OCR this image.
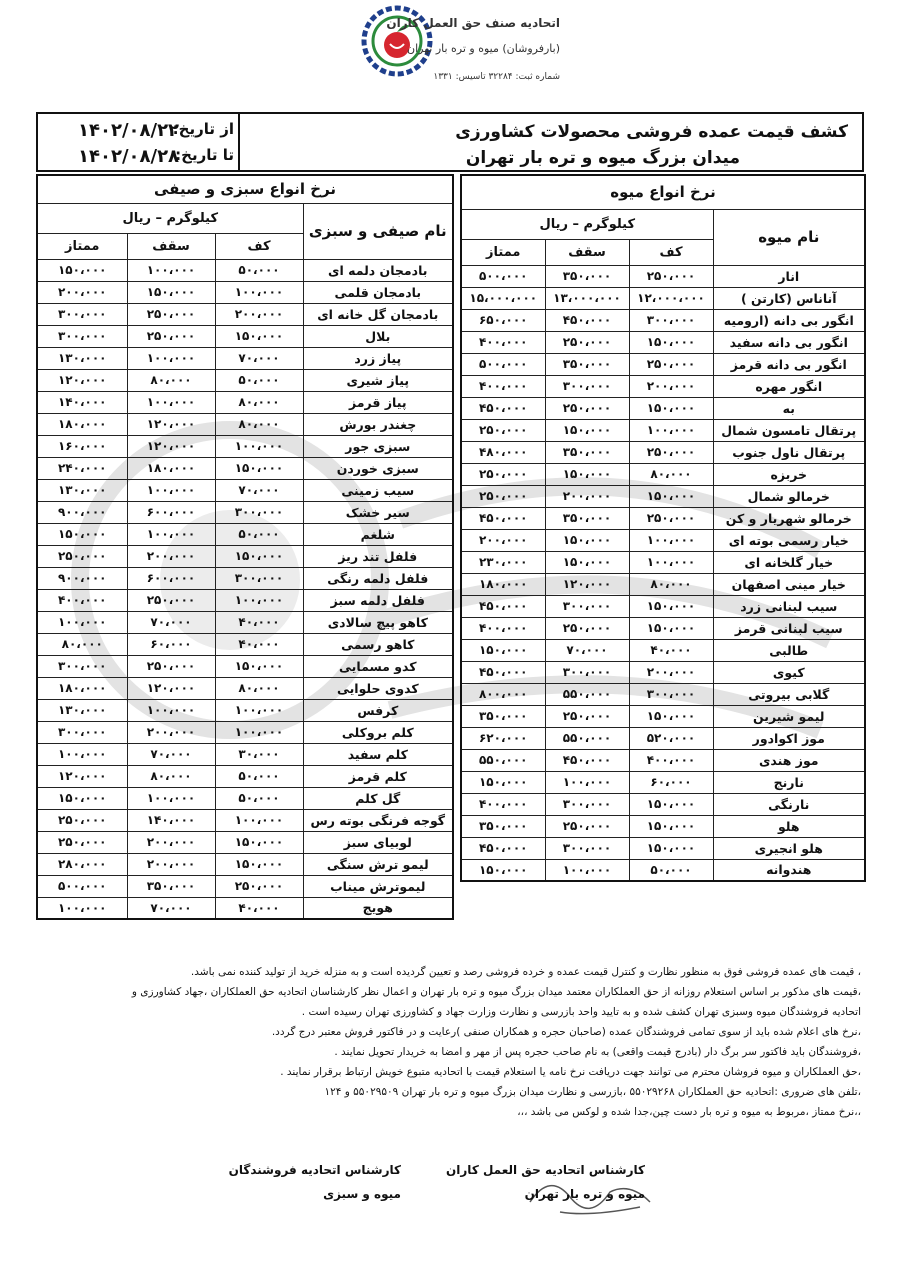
اتحادیه صنف حق العمل کاران
(بارفروشان) میوه و تره بار تهران
شماره ثبت: ۳۲۲۸۴ تاسیس: ۱۳۳۱
کشف قیمت عمده فروشی محصولات کشاورزی
میدان بزرگ میوه و تره بار تهران
از تاریخ:
۱۴۰۲/۰۸/۲۲
تا تاریخ:
۱۴۰۲/۰۸/۲۸
نرخ انواع میوه			
کیلوگرم – ریال			نام میوه
ممتاز	سقف	کف	
۵۰۰،۰۰۰	۳۵۰،۰۰۰	۲۵۰،۰۰۰	انار
۱۵،۰۰۰،۰۰۰	۱۳،۰۰۰،۰۰۰	۱۲،۰۰۰،۰۰۰	آناناس (کارتن )
۶۵۰،۰۰۰	۴۵۰،۰۰۰	۳۰۰،۰۰۰	انگور بی دانه (ارومیه
۴۰۰،۰۰۰	۲۵۰،۰۰۰	۱۵۰،۰۰۰	انگور بی دانه سفید
۵۰۰،۰۰۰	۳۵۰،۰۰۰	۲۵۰،۰۰۰	انگور بی دانه قرمز
۴۰۰،۰۰۰	۳۰۰،۰۰۰	۲۰۰،۰۰۰	انگور مهره
۴۵۰،۰۰۰	۲۵۰،۰۰۰	۱۵۰،۰۰۰	به
۲۵۰،۰۰۰	۱۵۰،۰۰۰	۱۰۰،۰۰۰	پرتقال تامسون شمال
۴۸۰،۰۰۰	۳۵۰،۰۰۰	۲۵۰،۰۰۰	پرتقال ناول جنوب
۲۵۰،۰۰۰	۱۵۰،۰۰۰	۸۰،۰۰۰	خربزه
۲۵۰،۰۰۰	۲۰۰،۰۰۰	۱۵۰،۰۰۰	خرمالو شمال
۴۵۰،۰۰۰	۳۵۰،۰۰۰	۲۵۰،۰۰۰	خرمالو شهریار و کن
۲۰۰،۰۰۰	۱۵۰،۰۰۰	۱۰۰،۰۰۰	خیار رسمی بوته ای
۲۳۰،۰۰۰	۱۵۰،۰۰۰	۱۰۰،۰۰۰	خیار گلخانه ای
۱۸۰،۰۰۰	۱۲۰،۰۰۰	۸۰،۰۰۰	خیار مینی اصفهان
۴۵۰،۰۰۰	۳۰۰،۰۰۰	۱۵۰،۰۰۰	سیب لبنانی زرد
۴۰۰،۰۰۰	۲۵۰،۰۰۰	۱۵۰،۰۰۰	سیب لبنانی قرمز
۱۵۰،۰۰۰	۷۰،۰۰۰	۴۰،۰۰۰	طالبی
۴۵۰،۰۰۰	۳۰۰،۰۰۰	۲۰۰،۰۰۰	کیوی
۸۰۰،۰۰۰	۵۵۰،۰۰۰	۳۰۰،۰۰۰	گلابی بیروتی
۳۵۰،۰۰۰	۲۵۰،۰۰۰	۱۵۰،۰۰۰	لیمو شیرین
۶۲۰،۰۰۰	۵۵۰،۰۰۰	۵۲۰،۰۰۰	موز اکوادور
۵۵۰،۰۰۰	۴۵۰،۰۰۰	۴۰۰،۰۰۰	موز هندی
۱۵۰،۰۰۰	۱۰۰،۰۰۰	۶۰،۰۰۰	نارنج
۴۰۰،۰۰۰	۳۰۰،۰۰۰	۱۵۰،۰۰۰	نارنگی
۳۵۰،۰۰۰	۲۵۰،۰۰۰	۱۵۰،۰۰۰	هلو
۴۵۰،۰۰۰	۳۰۰،۰۰۰	۱۵۰،۰۰۰	هلو انجیری
۱۵۰،۰۰۰	۱۰۰،۰۰۰	۵۰،۰۰۰	هندوانه
نرخ انواع سبزی و صیفی			
کیلوگرم – ریال			نام صیفی و سبزی
ممتاز	سقف	کف	
۱۵۰،۰۰۰	۱۰۰،۰۰۰	۵۰،۰۰۰	بادمجان دلمه ای
۲۰۰،۰۰۰	۱۵۰،۰۰۰	۱۰۰،۰۰۰	بادمجان قلمی
۳۰۰،۰۰۰	۲۵۰،۰۰۰	۲۰۰،۰۰۰	بادمجان گل خانه ای
۳۰۰،۰۰۰	۲۵۰،۰۰۰	۱۵۰،۰۰۰	بلال
۱۳۰،۰۰۰	۱۰۰،۰۰۰	۷۰،۰۰۰	پیاز زرد
۱۲۰،۰۰۰	۸۰،۰۰۰	۵۰،۰۰۰	پیاز شیری
۱۴۰،۰۰۰	۱۰۰،۰۰۰	۸۰،۰۰۰	پیاز قرمز
۱۸۰،۰۰۰	۱۲۰،۰۰۰	۸۰،۰۰۰	چغندر بورش
۱۶۰،۰۰۰	۱۲۰،۰۰۰	۱۰۰،۰۰۰	سبزی جور
۲۴۰،۰۰۰	۱۸۰،۰۰۰	۱۵۰،۰۰۰	سبزی خوردن
۱۳۰،۰۰۰	۱۰۰،۰۰۰	۷۰،۰۰۰	سیب زمینی
۹۰۰،۰۰۰	۶۰۰،۰۰۰	۳۰۰،۰۰۰	سیر خشک
۱۵۰،۰۰۰	۱۰۰،۰۰۰	۵۰،۰۰۰	شلغم
۲۵۰،۰۰۰	۲۰۰،۰۰۰	۱۵۰،۰۰۰	فلفل تند ریز
۹۰۰،۰۰۰	۶۰۰،۰۰۰	۳۰۰،۰۰۰	فلفل دلمه رنگی
۴۰۰،۰۰۰	۲۵۰،۰۰۰	۱۰۰،۰۰۰	فلفل دلمه سبز
۱۰۰،۰۰۰	۷۰،۰۰۰	۴۰،۰۰۰	کاهو پیچ سالادی
۸۰،۰۰۰	۶۰،۰۰۰	۴۰،۰۰۰	کاهو رسمی
۳۰۰،۰۰۰	۲۵۰،۰۰۰	۱۵۰،۰۰۰	کدو مسمایی
۱۸۰،۰۰۰	۱۲۰،۰۰۰	۸۰،۰۰۰	کدوی حلوایی
۱۳۰،۰۰۰	۱۰۰،۰۰۰	۱۰۰،۰۰۰	کرفس
۳۰۰،۰۰۰	۲۰۰،۰۰۰	۱۰۰،۰۰۰	کلم بروکلی
۱۰۰،۰۰۰	۷۰،۰۰۰	۳۰،۰۰۰	کلم سفید
۱۲۰،۰۰۰	۸۰،۰۰۰	۵۰،۰۰۰	کلم قرمز
۱۵۰،۰۰۰	۱۰۰،۰۰۰	۵۰،۰۰۰	گل کلم
۲۵۰،۰۰۰	۱۴۰،۰۰۰	۱۰۰،۰۰۰	گوجه فرنگی بوته رس
۲۵۰،۰۰۰	۲۰۰،۰۰۰	۱۵۰،۰۰۰	لوبیای سبز
۲۸۰،۰۰۰	۲۰۰،۰۰۰	۱۵۰،۰۰۰	لیمو ترش سنگی
۵۰۰،۰۰۰	۳۵۰،۰۰۰	۲۵۰،۰۰۰	لیموترش میناب
۱۰۰،۰۰۰	۷۰،۰۰۰	۴۰،۰۰۰	هویج
، قیمت های عمده فروشی فوق به منظور نظارت و کنترل قیمت عمده و خرده فروشی رصد و تعیین گردیده است و به منزله خرید از تولید کننده نمی باشد.
،قیمت های مذکور بر اساس استعلام روزانه از حق العملکاران معتمد میدان بزرگ میوه و تره بار تهران و اعمال نظر کارشناسان اتحادیه حق العملکاران ،جهاد کشاورزی و
اتحادیه فروشندگان میوه وسبزی تهران کشف شده و به تایید واحد بازرسی و نظارت وزارت جهاد و کشاورزی تهران رسیده است .
،نرخ های اعلام شده باید از سوی تمامی فروشندگان عمده (صاحبان حجره و همکاران صنفی )رعایت و در فاکتور فروش معتبر درج گردد.
،فروشندگان باید فاکتور سر برگ دار (بادرج قیمت واقعی) به نام صاحب حجره پس از مهر و امضا به خریدار تحویل نمایند .
،حق العملکاران و میوه فروشان محترم می توانند جهت دریافت نرخ نامه یا استعلام قیمت با اتحادیه متبوع خویش ارتباط برقرار نمایند .
،تلفن های ضروری :اتحادیه حق العملکاران ۵۵۰۲۹۲۶۸ ،بازرسی و نظارت میدان بزرگ میوه و تره بار تهران ۵۵۰۲۹۵۰۹ و ۱۲۴
،،نرخ ممتاز ،مربوط به میوه و تره بار دست چین،جدا شده و لوکس می باشد ،،،
کارشناس اتحادیه حق العمل کاران
میوه و تره بار تهران
کارشناس اتحادیه فروشندگان
میوه و سبزی
